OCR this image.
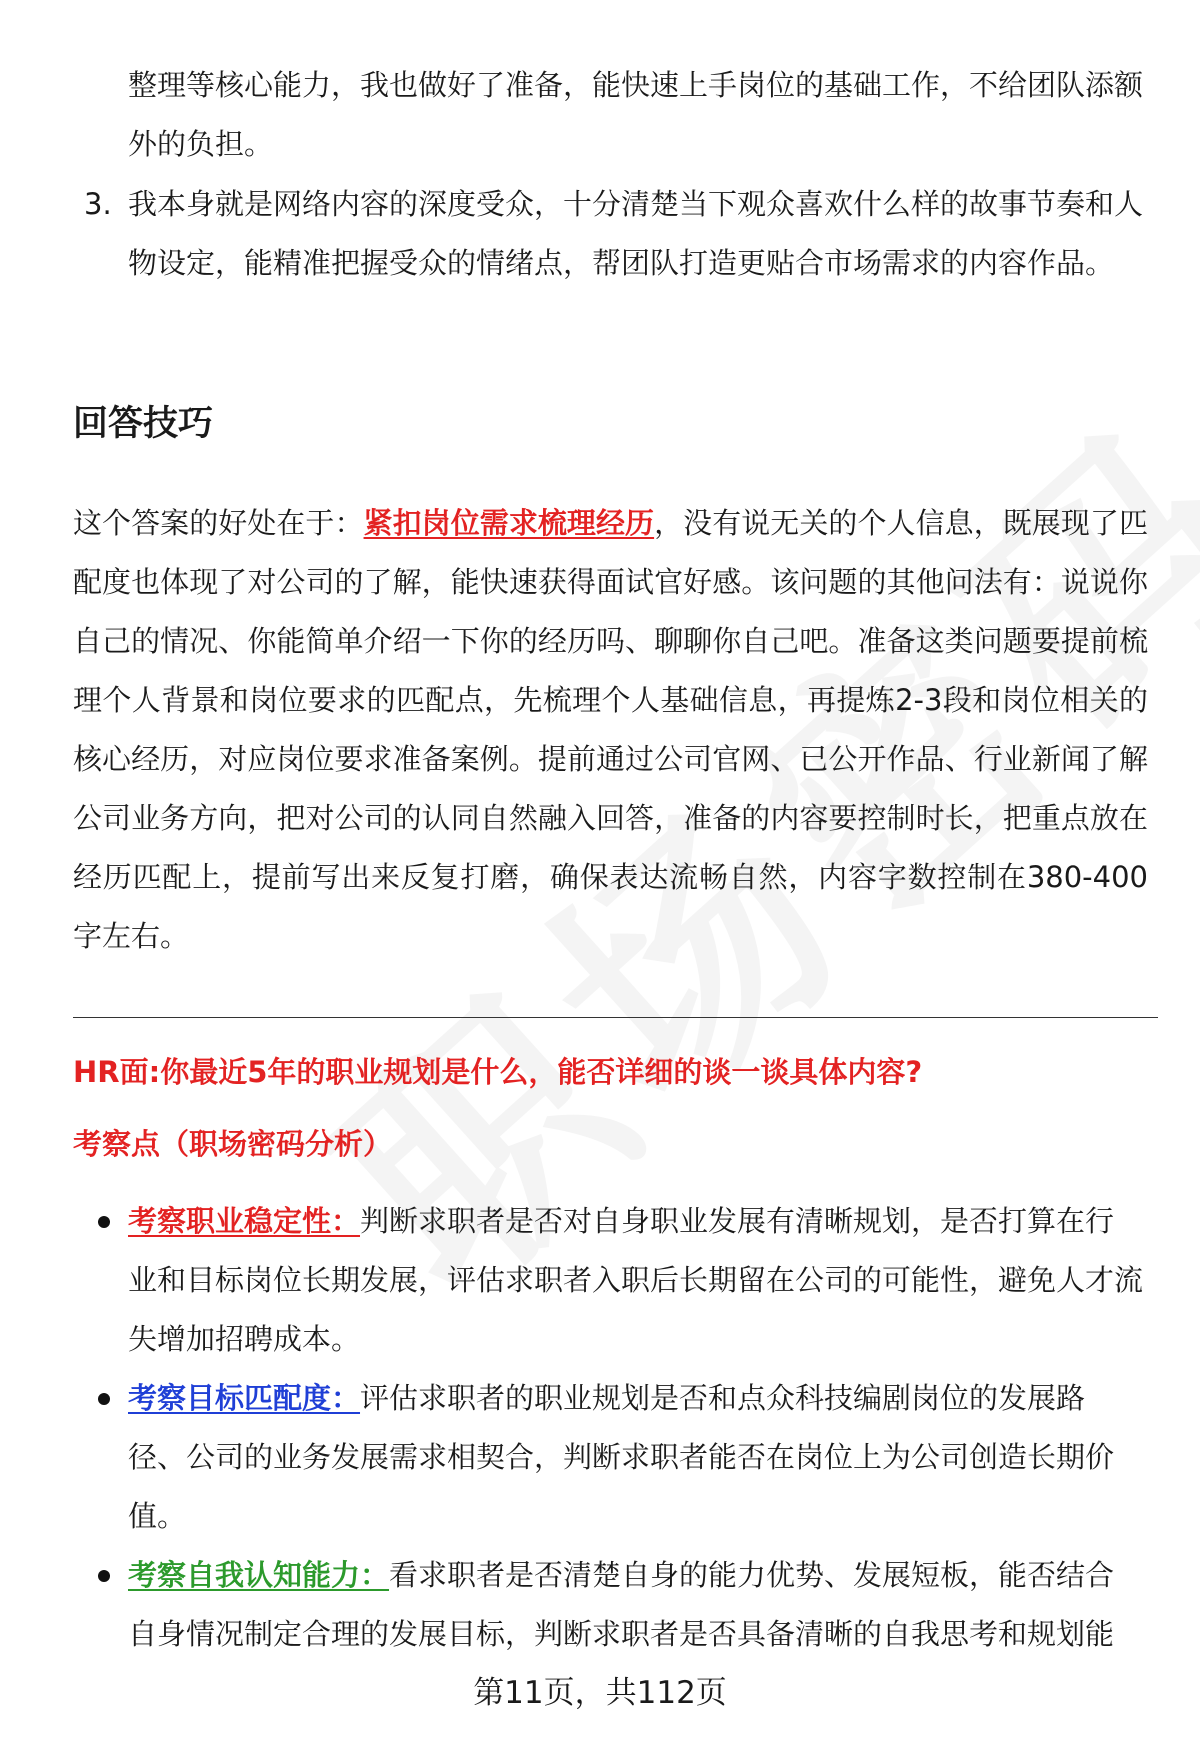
整理等核心能力，我也做好了准备，能快速上手岗位的基础工作，不给团队添额外的负担。
3. 我本身就是网络内容的深度受众，十分清楚当下观众喜欢什么样的故事节奏和人物设定，能精准把握受众的情绪点，帮团队打造更贴合市场需求的内容作品。
回答技巧
这个答案的好处在于：紧扣岗位需求梳理经历，没有说无关的个人信息，既展现了匹配度也体现了对公司的了解，能快速获得面试官好感。该问题的其他问法有：说说你自己的情况、你能简单介绍一下你的经历吗、聊聊你自己吧。准备这类问题要提前梳理个人背景和岗位要求的匹配点，先梳理个人基础信息，再提炼2-3段和岗位相关的核心经历，对应岗位要求准备案例。提前通过公司官网、已公开作品、行业新闻了解公司业务方向，把对公司的认同自然融入回答，准备的内容要控制时长，把重点放在经历匹配上，提前写出来反复打磨，确保表达流畅自然，内容字数控制在380-400字左右。
HR面:你最近5年的职业规划是什么，能否详细的谈一谈具体内容?
考察点（职场密码分析）
考察职业稳定性：判断求职者是否对自身职业发展有清晰规划，是否打算在行业和目标岗位长期发展，评估求职者入职后长期留在公司的可能性，避免人才流失增加招聘成本。
考察目标匹配度：评估求职者的职业规划是否和点众科技编剧岗位的发展路径、公司的业务发展需求相契合，判断求职者能否在岗位上为公司创造长期价值。
考察自我认知能力：看求职者是否清楚自身的能力优势、发展短板，能否结合自身情况制定合理的发展目标，判断求职者是否具备清晰的自我思考和规划能
第11页，共112页
